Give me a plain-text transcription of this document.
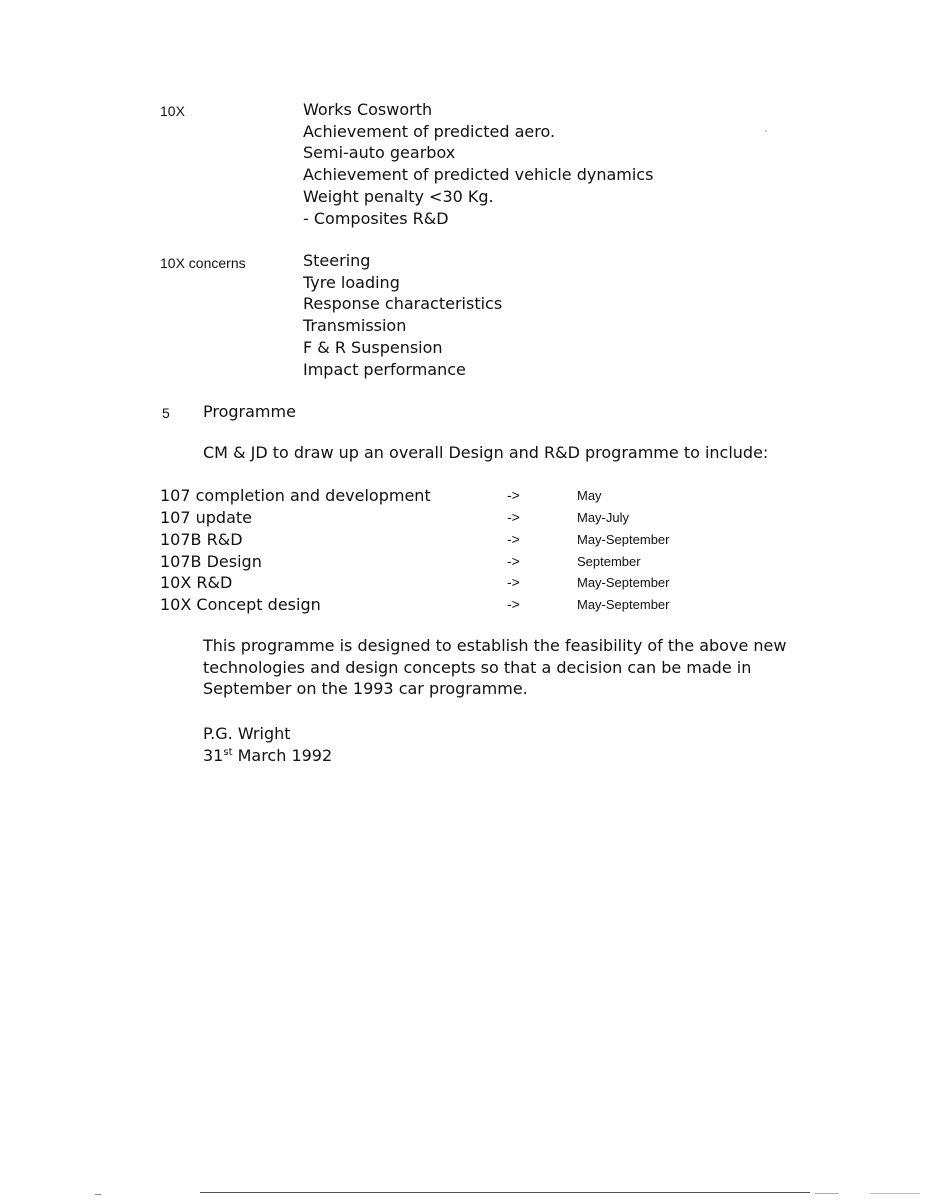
10X	Works Cosworth
Achievement of predicted aero.
Semi-auto gearbox
Achievement of predicted vehicle dynamics
Weight penalty <30 Kg.
- Composites R&D
10X concerns	Steering
Tyre loading
Response characteristics
Transmission
F & R Suspension
Impact performance
5 Programme
CM & JD to draw up an overall Design and R&D programme to include:
107 completion and development	->	May
107 update	->	May-July
107B R&D	->	May-September
107B Design	->	September
10X R&D	->	May-September
10X Concept design	->	May-September
This programme is designed to establish the feasibility of the above new
technologies and design concepts so that a decision can be made in
September on the 1993 car programme.
P.G. Wright
31st March 1992
